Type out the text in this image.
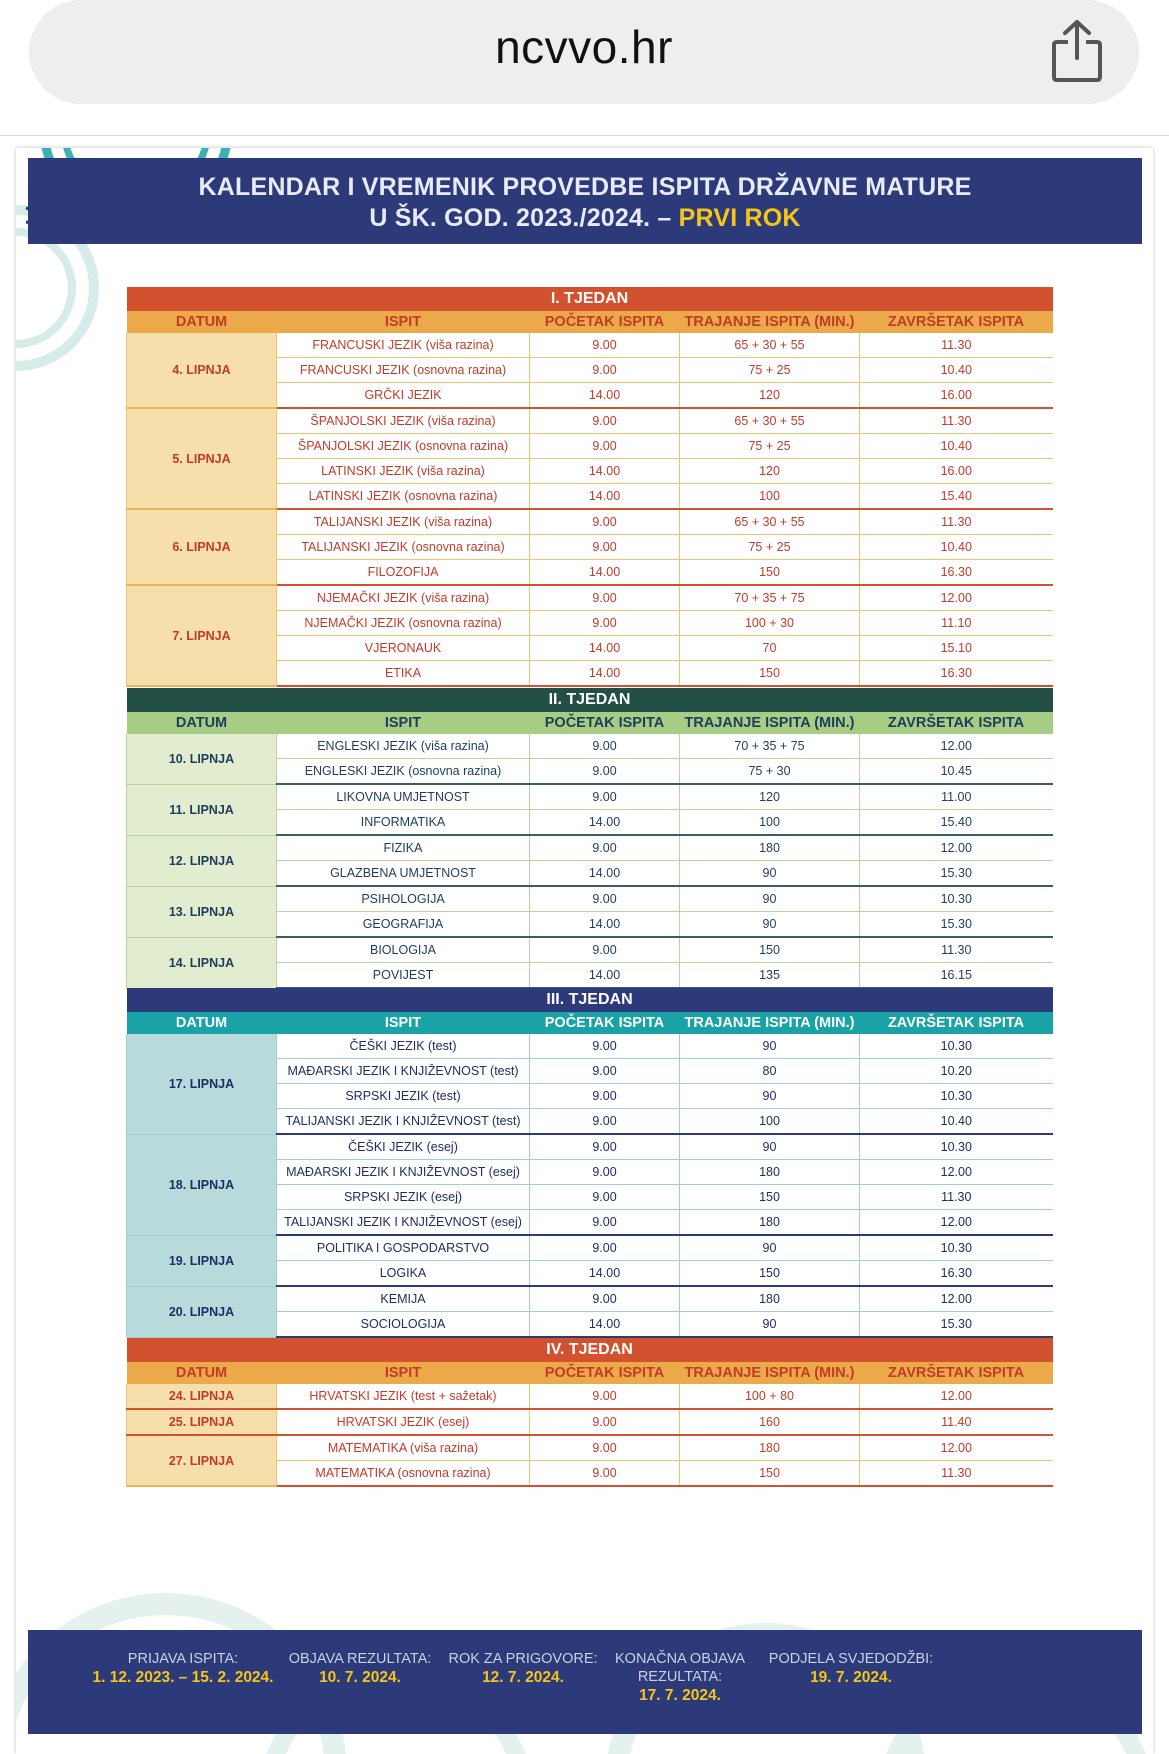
ncvvo.hr
KALENDAR I VREMENIK PROVEDBE ISPITA DRŽAVNE MATURE
U ŠK. GOD. 2023./2024. – PRVI ROK
I. TJEDAN				
DATUM	ISPIT	POČETAK ISPITA	TRAJANJE ISPITA (MIN.)	ZAVRŠETAK ISPITA
4. LIPNJA	FRANCUSKI JEZIK (viša razina)	9.00	65 + 30 + 55	11.30
	FRANCUSKI JEZIK (osnovna razina)	9.00	75 + 25	10.40
	GRČKI JEZIK	14.00	120	16.00
5. LIPNJA	ŠPANJOLSKI JEZIK (viša razina)	9.00	65 + 30 + 55	11.30
	ŠPANJOLSKI JEZIK (osnovna razina)	9.00	75 + 25	10.40
	LATINSKI JEZIK (viša razina)	14.00	120	16.00
	LATINSKI JEZIK (osnovna razina)	14.00	100	15.40
6. LIPNJA	TALIJANSKI JEZIK (viša razina)	9.00	65 + 30 + 55	11.30
	TALIJANSKI JEZIK (osnovna razina)	9.00	75 + 25	10.40
	FILOZOFIJA	14.00	150	16.30
7. LIPNJA	NJEMAČKI JEZIK (viša razina)	9.00	70 + 35 + 75	12.00
	NJEMAČKI JEZIK (osnovna razina)	9.00	100 + 30	11.10
	VJERONAUK	14.00	70	15.10
	ETIKA	14.00	150	16.30
II. TJEDAN				
DATUM	ISPIT	POČETAK ISPITA	TRAJANJE ISPITA (MIN.)	ZAVRŠETAK ISPITA
10. LIPNJA	ENGLESKI JEZIK (viša razina)	9.00	70 + 35 + 75	12.00
	ENGLESKI JEZIK (osnovna razina)	9.00	75 + 30	10.45
11. LIPNJA	LIKOVNA UMJETNOST	9.00	120	11.00
	INFORMATIKA	14.00	100	15.40
12. LIPNJA	FIZIKA	9.00	180	12.00
	GLAZBENA UMJETNOST	14.00	90	15.30
13. LIPNJA	PSIHOLOGIJA	9.00	90	10.30
	GEOGRAFIJA	14.00	90	15.30
14. LIPNJA	BIOLOGIJA	9.00	150	11.30
	POVIJEST	14.00	135	16.15
III. TJEDAN				
DATUM	ISPIT	POČETAK ISPITA	TRAJANJE ISPITA (MIN.)	ZAVRŠETAK ISPITA
17. LIPNJA	ČEŠKI JEZIK (test)	9.00	90	10.30
	MAĐARSKI JEZIK I KNJIŽEVNOST (test)	9.00	80	10.20
	SRPSKI JEZIK (test)	9.00	90	10.30
	TALIJANSKI JEZIK I KNJIŽEVNOST (test)	9.00	100	10.40
18. LIPNJA	ČEŠKI JEZIK (esej)	9.00	90	10.30
	MAĐARSKI JEZIK I KNJIŽEVNOST (esej)	9.00	180	12.00
	SRPSKI JEZIK (esej)	9.00	150	11.30
	TALIJANSKI JEZIK I KNJIŽEVNOST (esej)	9.00	180	12.00
19. LIPNJA	POLITIKA I GOSPODARSTVO	9.00	90	10.30
	LOGIKA	14.00	150	16.30
20. LIPNJA	KEMIJA	9.00	180	12.00
	SOCIOLOGIJA	14.00	90	15.30
IV. TJEDAN				
DATUM	ISPIT	POČETAK ISPITA	TRAJANJE ISPITA (MIN.)	ZAVRŠETAK ISPITA
24. LIPNJA	HRVATSKI JEZIK (test + sažetak)	9.00	100 + 80	12.00
25. LIPNJA	HRVATSKI JEZIK (esej)	9.00	160	11.40
27. LIPNJA	MATEMATIKA (viša razina)	9.00	180	12.00
	MATEMATIKA (osnovna razina)	9.00	150	11.30
PRIJAVA ISPITA:
1. 12. 2023. – 15. 2. 2024.
OBJAVA REZULTATA:
10. 7. 2024.
ROK ZA PRIGOVORE:
12. 7. 2024.
KONAČNA OBJAVA REZULTATA:
17. 7. 2024.
PODJELA SVJEDODŽBI:
19. 7. 2024.
